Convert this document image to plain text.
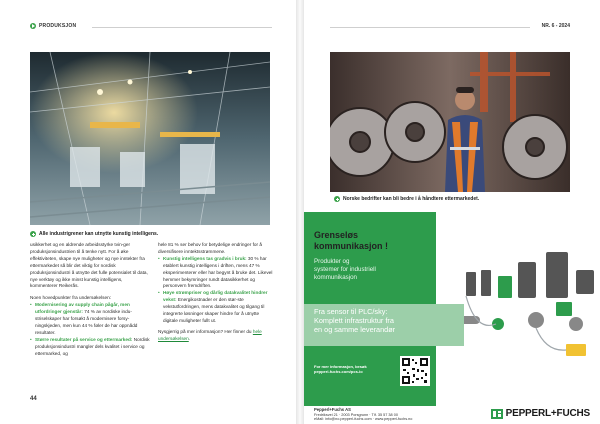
PRODUKSJON
Alle industrigrener kan utnytte kunstig intelligens.

usikkerhet og en aldrende arbeidsstyrke tvin-ger produksjonsindustrien til å tenke nytt. For å øke effektiviteten, skape nye muligheter og nye inntekter fra ettermarkedet så blir det viktig for nordisk produksjonsindustri å utnytte det fulle potensialet til data, nye verktøy og ikke minst kunstig intelligens, kommenterer Reikerås.

Noen hovedpunkter fra undersøkelsen:

• Modernisering av supply chain pågår, men utfordringer gjenstår: 74 % av nordiske indu-striselskaper har forsøkt å modernisere forsy-ningskjeden, men kun 44 % føler de har oppnådd resultater.
• Større resultater på service og ettermarked: Nordisk produksjonsindustri mangler dels kvalitet i service og ettermarked, og

hele 81 % ser behov for betydelige endringer for å diversifisere inntektsstrømmene.

• Kunstig intelligens tas gradvis i bruk: 30 % har etablert kunstig intelligens i driften, mens 47 % eksperimenterer eller har begynt å bruke det. Likevel hemmer bekymringer rundt datasikkerhet og personvern fremdriften.
• Høye strømpriser og dårlig datakvalitet hindrer vekst: Energikostnader er den stør-ste vekstutfordringen, mens datakvalitet og tilgang til integrerte løsninger skaper hindre for å utnytte digitale muligheter fullt ut.

Nysgjerrig på mer informasjon? Her finner du hele undersøkelsen.

44
NR. 6 - 2024
Norske bedrifter kan bli bedre i å håndtere ettermarkedet.
Grenseløs
kommunikasjon !
Produkter og
systemer for industriell
kommunikasjon
Fra sensor til PLC/sky:
Komplett infrastruktur fra
en og samme leverandør
For mer informasjon, besøk
pepperl-fuchs.com/pcs-io
Pepperl+Fuchs AS
Fredriksvei 21 · 2003 Porsgrunn · Tlf. 35 57 38 00
eMail: info@no.pepperl-fuchs.com · www.pepperl-fuchs.no
PEPPERL+FUCHS
